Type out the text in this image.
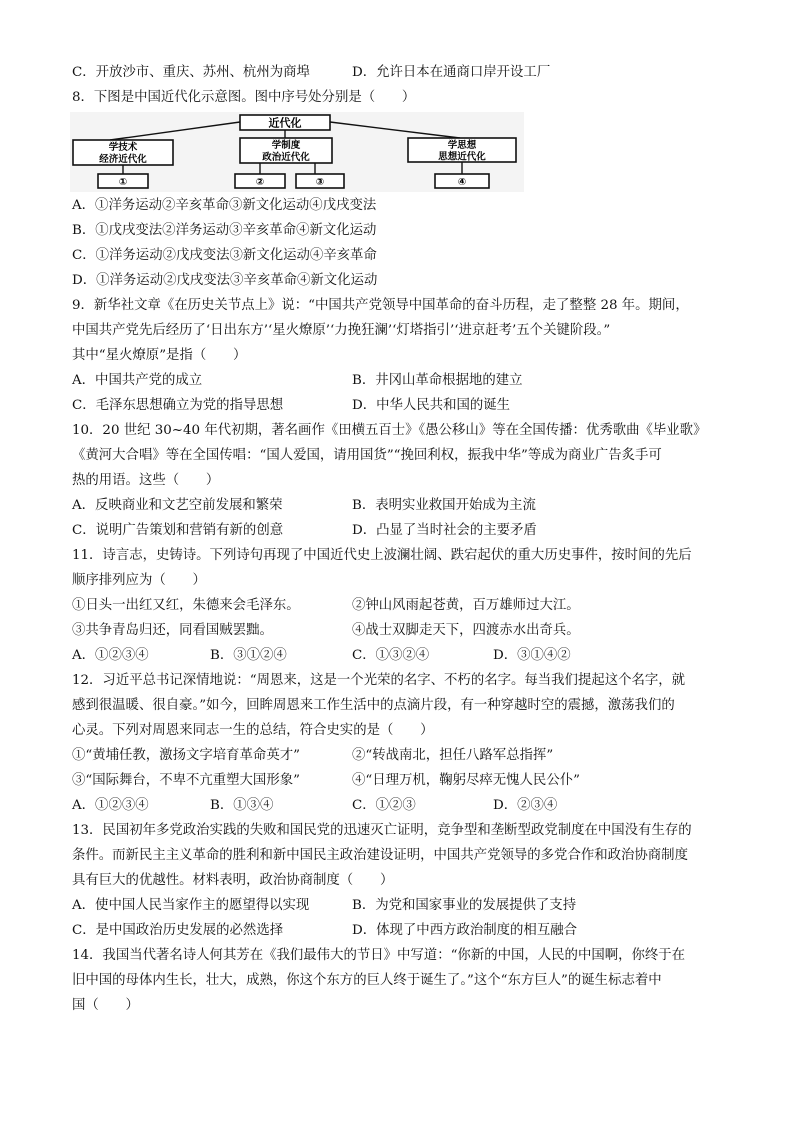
C．开放沙市、重庆、苏州、杭州为商埠	D．允许日本在通商口岸开设工厂
8．下图是中国近代化示意图。图中序号处分别是（　　）
近代化
学技术
经济近代化
学制度
政治近代化
学思想
思想近代化
①	②	③	④
A．①洋务运动②辛亥革命③新文化运动④戊戌变法
B．①戊戌变法②洋务运动③辛亥革命④新文化运动
C．①洋务运动②戊戌变法③新文化运动④辛亥革命
D．①洋务运动②戊戌变法③辛亥革命④新文化运动
9．新华社文章《在历史关节点上》说：“中国共产党领导中国革命的奋斗历程，走了整整 28 年。期间，
中国共产党先后经历了‘日出东方’‘星火燎原’‘力挽狂澜’‘灯塔指引’‘进京赶考’五个关键阶段。”
其中“星火燎原”是指（　　）
A．中国共产党的成立	B．井冈山革命根据地的建立
C．毛泽东思想确立为党的指导思想	D．中华人民共和国的诞生
10．20 世纪 30~40 年代初期，著名画作《田横五百士》《愚公移山》等在全国传播：优秀歌曲《毕业歌》
《黄河大合唱》等在全国传唱：“国人爱国，请用国货”“挽回利权，振我中华”等成为商业广告炙手可
热的用语。这些（　　）
A．反映商业和文艺空前发展和繁荣	B．表明实业救国开始成为主流
C．说明广告策划和营销有新的创意	D．凸显了当时社会的主要矛盾
11．诗言志，史铸诗。下列诗句再现了中国近代史上波澜壮阔、跌宕起伏的重大历史事件，按时间的先后
顺序排列应为（　　）
①日头一出红又红，朱德来会毛泽东。	②钟山风雨起苍黄，百万雄师过大江。
③共争青岛归还，同看国贼罢黜。	④战士双脚走天下，四渡赤水出奇兵。
A．①②③④	B．③①②④	C．①③②④	D．③①④②
12．习近平总书记深情地说：“周恩来，这是一个光荣的名字、不朽的名字。每当我们提起这个名字，就
感到很温暖、很自豪。”如今，回眸周恩来工作生活中的点滴片段，有一种穿越时空的震撼，激荡我们的
心灵。下列对周恩来同志一生的总结，符合史实的是（　　）
①“黄埔任教，激扬文字培育革命英才”	②“转战南北，担任八路军总指挥”
③“国际舞台，不卑不亢重塑大国形象”	④“日理万机，鞠躬尽瘁无愧人民公仆”
A．①②③④	B．①③④	C．①②③	D．②③④
13．民国初年多党政治实践的失败和国民党的迅速灭亡证明，竞争型和垄断型政党制度在中国没有生存的
条件。而新民主主义革命的胜利和新中国民主政治建设证明，中国共产党领导的多党合作和政治协商制度
具有巨大的优越性。材料表明，政治协商制度（　　）
A．使中国人民当家作主的愿望得以实现	B．为党和国家事业的发展提供了支持
C．是中国政治历史发展的必然选择	D．体现了中西方政治制度的相互融合
14．我国当代著名诗人何其芳在《我们最伟大的节日》中写道：“你新的中国，人民的中国啊，你终于在
旧中国的母体内生长，壮大，成熟，你这个东方的巨人终于诞生了。”这个“东方巨人”的诞生标志着中
国（　　）
